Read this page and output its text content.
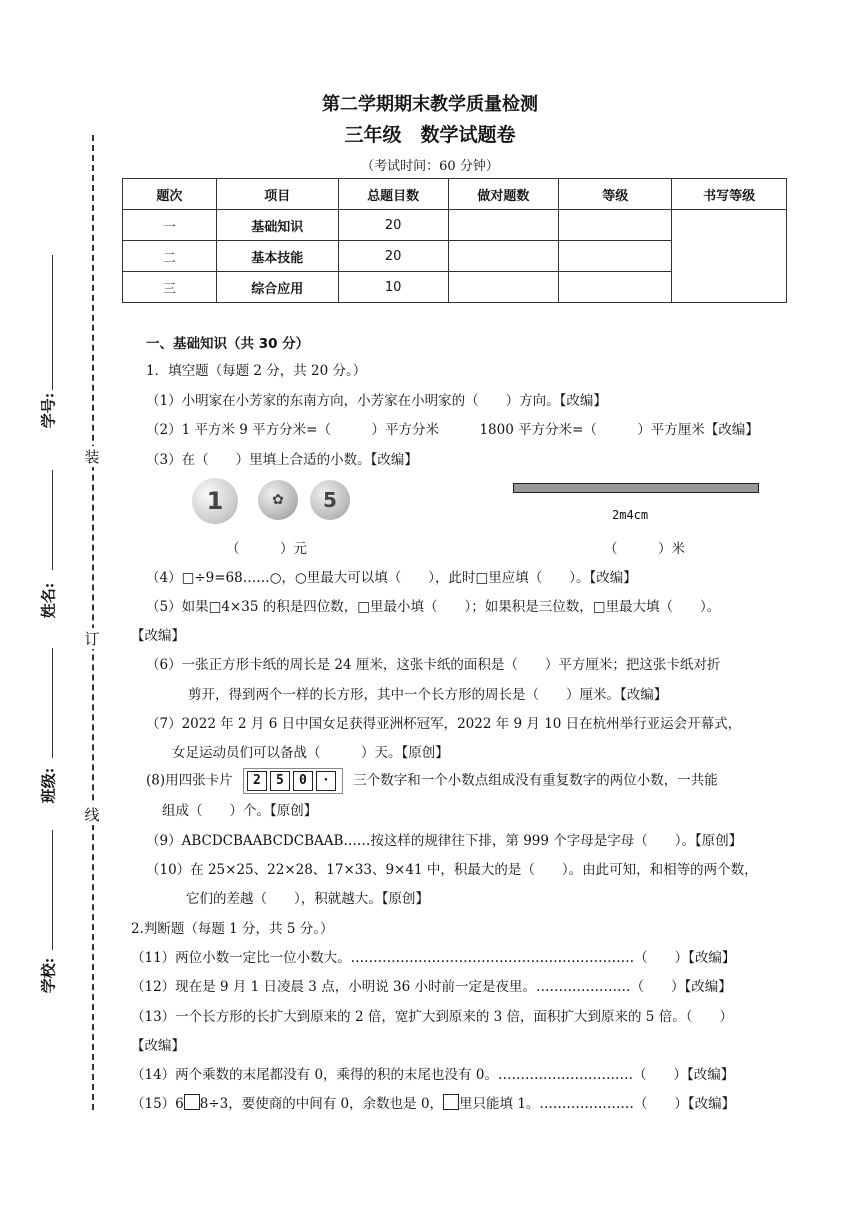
装
订
线
学号:
姓名:
班级:
学校:
第二学期期末教学质量检测
三年级　数学试题卷
（考试时间：60 分钟）
题次	项目	总题目数	做对题数	等级	书写等级
一	基础知识	20			
二	基本技能	20			
三	综合应用	10			
一、基础知识（共 30 分）
1．填空题（每题 2 分，共 20 分。）
（1）小明家在小芳家的东南方向，小芳家在小明家的（　　）方向。【改编】
（2）1 平方米 9 平方分米=（　　　）平方分米　　　1800 平方分米=（　　　）平方厘米【改编】
（3）在（　　）里填上合适的小数。【改编】
1	✿	5
2m4cm
（　　　）元	（　　　）米
（4）□÷9=68……○，○里最大可以填（　　），此时□里应填（　　）。【改编】
（5）如果□4×35 的积是四位数，□里最小填（　　）；如果积是三位数，□里最大填（　　）。
【改编】
（6）一张正方形卡纸的周长是 24 厘米，这张卡纸的面积是（　　）平方厘米；把这张卡纸对折
剪开，得到两个一样的长方形，其中一个长方形的周长是（　　）厘米。【改编】
（7）2022 年 2 月 6 日中国女足获得亚洲杯冠军，2022 年 9 月 10 日在杭州举行亚运会开幕式，
女足运动员们可以备战（　　　）天。【原创】
(8)用四张卡片 2 5 0 · 三个数字和一个小数点组成没有重复数字的两位小数，一共能
组成（　　）个。【原创】
（9）ABCDCBAABCDCBAAB……按这样的规律往下排，第 999 个字母是字母（　　）。【原创】
（10）在 25×25、22×28、17×33、9×41 中，积最大的是（　　）。由此可知，和相等的两个数，
它们的差越（　　），积就越大。【原创】
2.判断题（每题 1 分，共 5 分。）
（11）两位小数一定比一位小数大。………………………………………………………（　　）【改编】
（12）现在是 9 月 1 日凌晨 3 点，小明说 36 小时前一定是夜里。…………………（　　）【改编】
（13）一个长方形的长扩大到原来的 2 倍，宽扩大到原来的 3 倍，面积扩大到原来的 5 倍。（　　）
【改编】
（14）两个乘数的末尾都没有 0，乘得的积的末尾也没有 0。…………………………（　　）【改编】
（15）6 8÷3，要使商的中间有 0，余数也是 0， 里只能填 1。…………………（　　）【改编】
